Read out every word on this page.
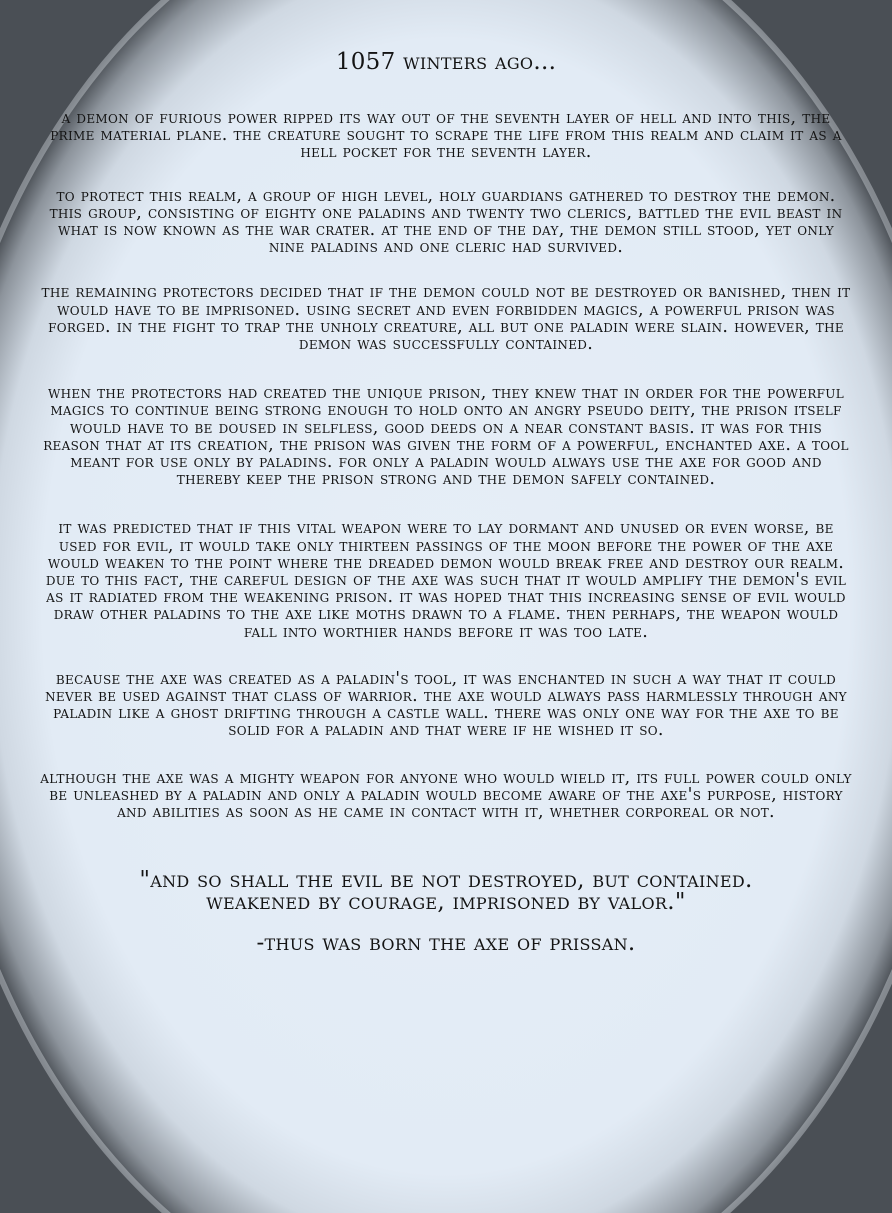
1057 winters ago...
a demon of furious power ripped its way out of the seventh layer of hell and into this, the prime material plane. the creature sought to scrape the life from this realm and claim it as a hell pocket for the seventh layer.
to protect this realm, a group of high level, holy guardians gathered to destroy the demon. this group, consisting of eighty one paladins and twenty two clerics, battled the evil beast in what is now known as the war crater. at the end of the day, the demon still stood, yet only nine paladins and one cleric had survived.
the remaining protectors decided that if the demon could not be destroyed or banished, then it would have to be imprisoned. using secret and even forbidden magics, a powerful prison was forged. in the fight to trap the unholy creature, all but one paladin were slain. however, the demon was successfully contained.
when the protectors had created the unique prison, they knew that in order for the powerful magics to continue being strong enough to hold onto an angry pseudo deity, the prison itself would have to be doused in selfless, good deeds on a near constant basis. it was for this reason that at its creation, the prison was given the form of a powerful, enchanted axe. a tool meant for use only by paladins. for only a paladin would always use the axe for good and thereby keep the prison strong and the demon safely contained.
it was predicted that if this vital weapon were to lay dormant and unused or even worse, be used for evil, it would take only thirteen passings of the moon before the power of the axe would weaken to the point where the dreaded demon would break free and destroy our realm. due to this fact, the careful design of the axe was such that it would amplify the demon's evil as it radiated from the weakening prison. it was hoped that this increasing sense of evil would draw other paladins to the axe like moths drawn to a flame. then perhaps, the weapon would fall into worthier hands before it was too late.
because the axe was created as a paladin's tool, it was enchanted in such a way that it could never be used against that class of warrior. the axe would always pass harmlessly through any paladin like a ghost drifting through a castle wall. there was only one way for the axe to be solid for a paladin and that were if he wished it so.
although the axe was a mighty weapon for anyone who would wield it, its full power could only be unleashed by a paladin and only a paladin would become aware of the axe's purpose, history and abilities as soon as he came in contact with it, whether corporeal or not.
"and so shall the evil be not destroyed, but contained. weakened by courage, imprisoned by valor."
-thus was born the axe of prissan.
